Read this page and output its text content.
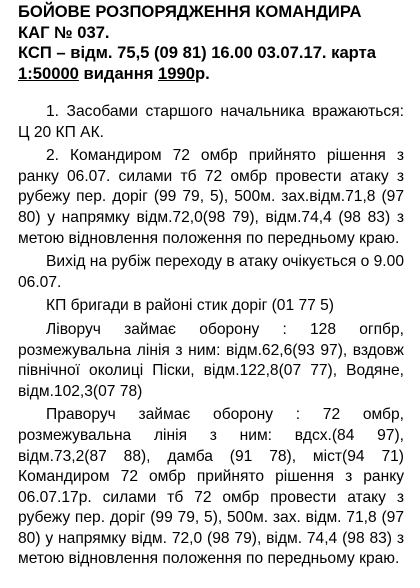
БОЙОВЕ РОЗПОРЯДЖЕННЯ КОМАНДИРА
КАГ № 037.
КСП – відм. 75,5 (09 81) 16.00 03.07.17. карта
1:50000 видання 1990р.

1. Засобами старшого начальника вражаються: Ц 20 КП АК.

2. Командиром 72 омбр прийнято рішення з ранку 06.07. силами тб 72 омбр провести атаку з рубежу пер. доріг (99 79, 5), 500м. зах.відм.71,8 (97 80) у напрямку відм.72,0(98 79), відм.74,4 (98 83) з метою відновлення положення по передньому краю.

Вихід на рубіж переходу в атаку очікується о 9.00 06.07.

КП бригади в районі стик доріг (01 77 5)

Ліворуч займає оборону : 128 огпбр, розмежувальна лінія з ним: відм.62,6(93 97), вздовж північної околиці Піски, відм.122,8(07 77), Водяне, відм.102,3(07 78)

Праворуч займає оборону : 72 омбр, розмежувальна лінія з ним: вдсх.(84 97), відм.73,2(87 88), дамба (91 78), міст(94 71) Командиром 72 омбр прийнято рішення з ранку 06.07.17р. силами тб 72 омбр провести атаку з рубежу пер. доріг (99 79, 5), 500м. зах. відм. 71,8 (97 80) у напрямку відм. 72,0 (98 79), відм. 74,4 (98 83) з метою відновлення положення по передньому краю.
